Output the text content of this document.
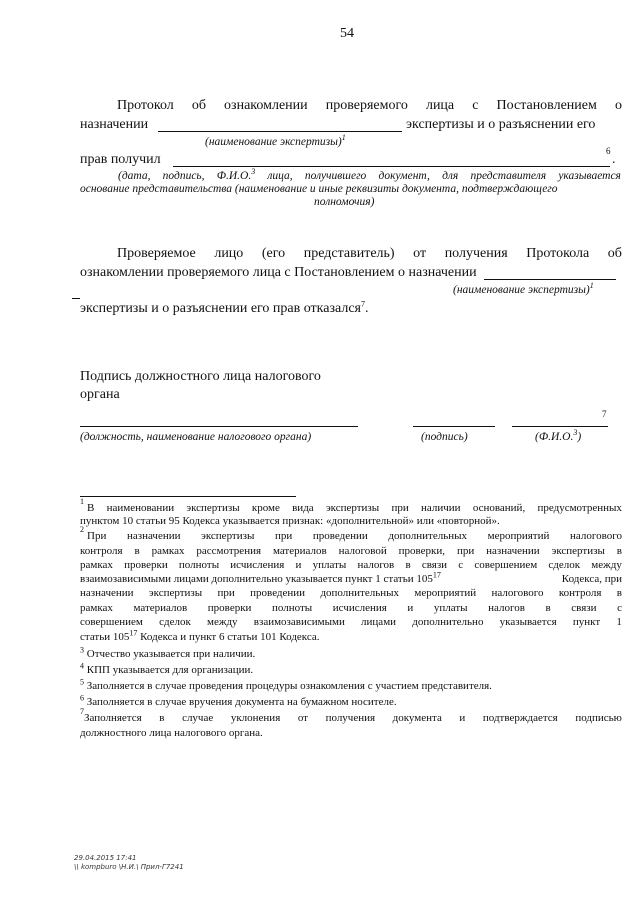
54
Протокол об ознакомлении проверяемого лица с Постановлением о
назначении	экспертизы и о разъяснении его
(наименование экспертизы)$^1$
прав получил
6
.
(дата, подпись, Ф.И.О.$^3$ лица, получившего документ, для представителя указывается
основание представительства (наименование и иные реквизиты документа, подтверждающего
полномочия)
Проверяемое лицо (его представитель) от получения Протокола об
ознакомлении проверяемого лица с Постановлением о назначении
(наименование экспертизы)$^1$
экспертизы и о разъяснении его прав отказался$^7$.
Подпись должностного лица налогового
органа
7
(должность, наименование налогового органа)	(подпись)	(Ф.И.О.$^3$)
1
В наименовании экспертизы кроме вида экспертизы при наличии оснований, предусмотренных
пунктом 10 статьи 95 Кодекса указывается признак: «дополнительной» или «повторной».
2
При назначении экспертизы при проведении дополнительных мероприятий налогового
контроля в рамках рассмотрения материалов налоговой проверки, при назначении экспертизы в
рамках проверки полноты исчисления и уплаты налогов в связи с совершением сделок между
взаимозависимыми лицами дополнительно указывается пункт 1 статьи $105^{17}$	Кодекса, при
назначении экспертизы при проведении дополнительных мероприятий налогового контроля в
рамках материалов проверки полноты исчисления и уплаты налогов в связи с
совершением сделок между взаимозависимыми лицами дополнительно указывается пункт 1
статьи $105^{17}$ Кодекса и пункт 6 статьи 101 Кодекса.
$^3$ Отчество указывается при наличии.
$^4$ КПП указывается для организации.
$^5$ Заполняется в случае проведения процедуры ознакомления с участием представителя.
$^6$ Заполняется в случае вручения документа на бумажном носителе.
7
Заполняется в случае уклонения от получения документа и подтверждается подписью
должностного лица налогового органа.
29.04.2015 17:41
\\ kompburo \Н.И.\ Прил-Г7241
